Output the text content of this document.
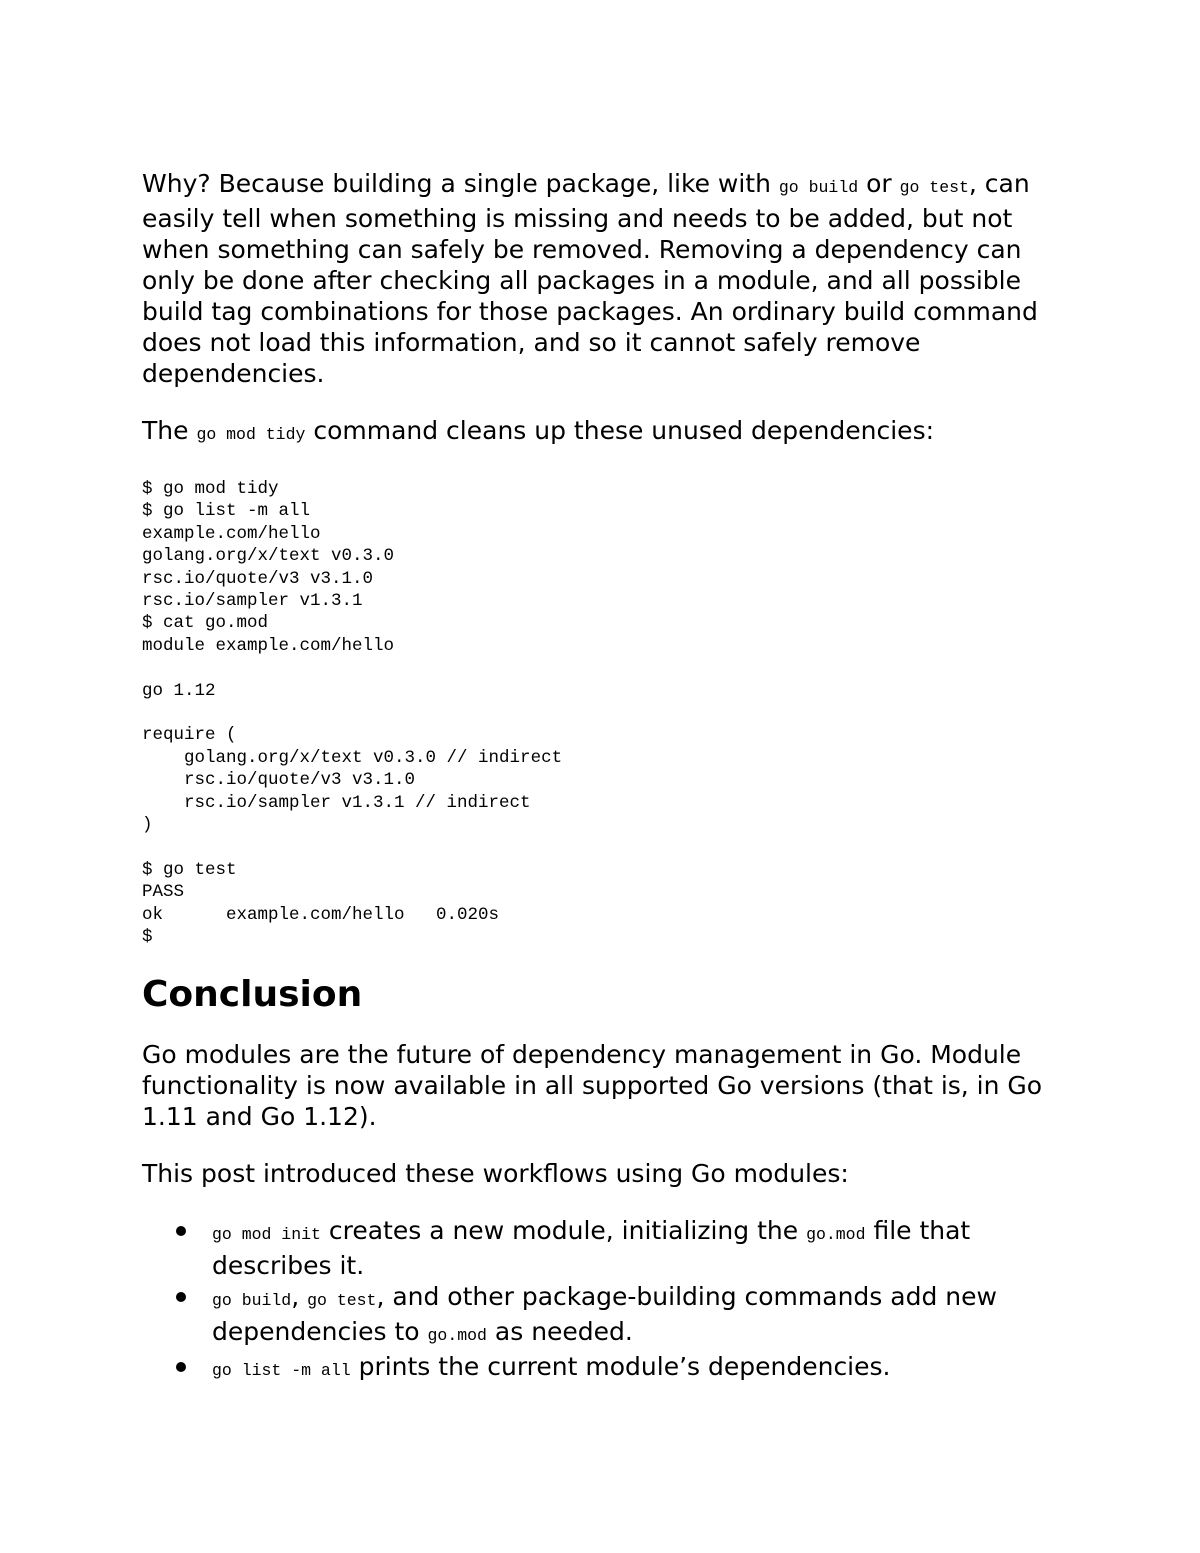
Why? Because building a single package, like with go build or go test, can easily tell when something is missing and needs to be added, but not when something can safely be removed. Removing a dependency can only be done after checking all packages in a module, and all possible build tag combinations for those packages. An ordinary build command does not load this information, and so it cannot safely remove dependencies.

The go mod tidy command cleans up these unused dependencies:

$ go mod tidy
$ go list -m all
example.com/hello
golang.org/x/text v0.3.0
rsc.io/quote/v3 v3.1.0
rsc.io/sampler v1.3.1
$ cat go.mod
module example.com/hello

go 1.12

require (
golang.org/x/text v0.3.0 // indirect
rsc.io/quote/v3 v3.1.0
rsc.io/sampler v1.3.1 // indirect
)

$ go test
PASS
ok      example.com/hello   0.020s
$
Conclusion

Go modules are the future of dependency management in Go. Module functionality is now available in all supported Go versions (that is, in Go 1.11 and Go 1.12).

This post introduced these workflows using Go modules:

go mod init creates a new module, initializing the go.mod file that describes it.
go build, go test, and other package-building commands add new dependencies to go.mod as needed.
go list -m all prints the current module’s dependencies.
